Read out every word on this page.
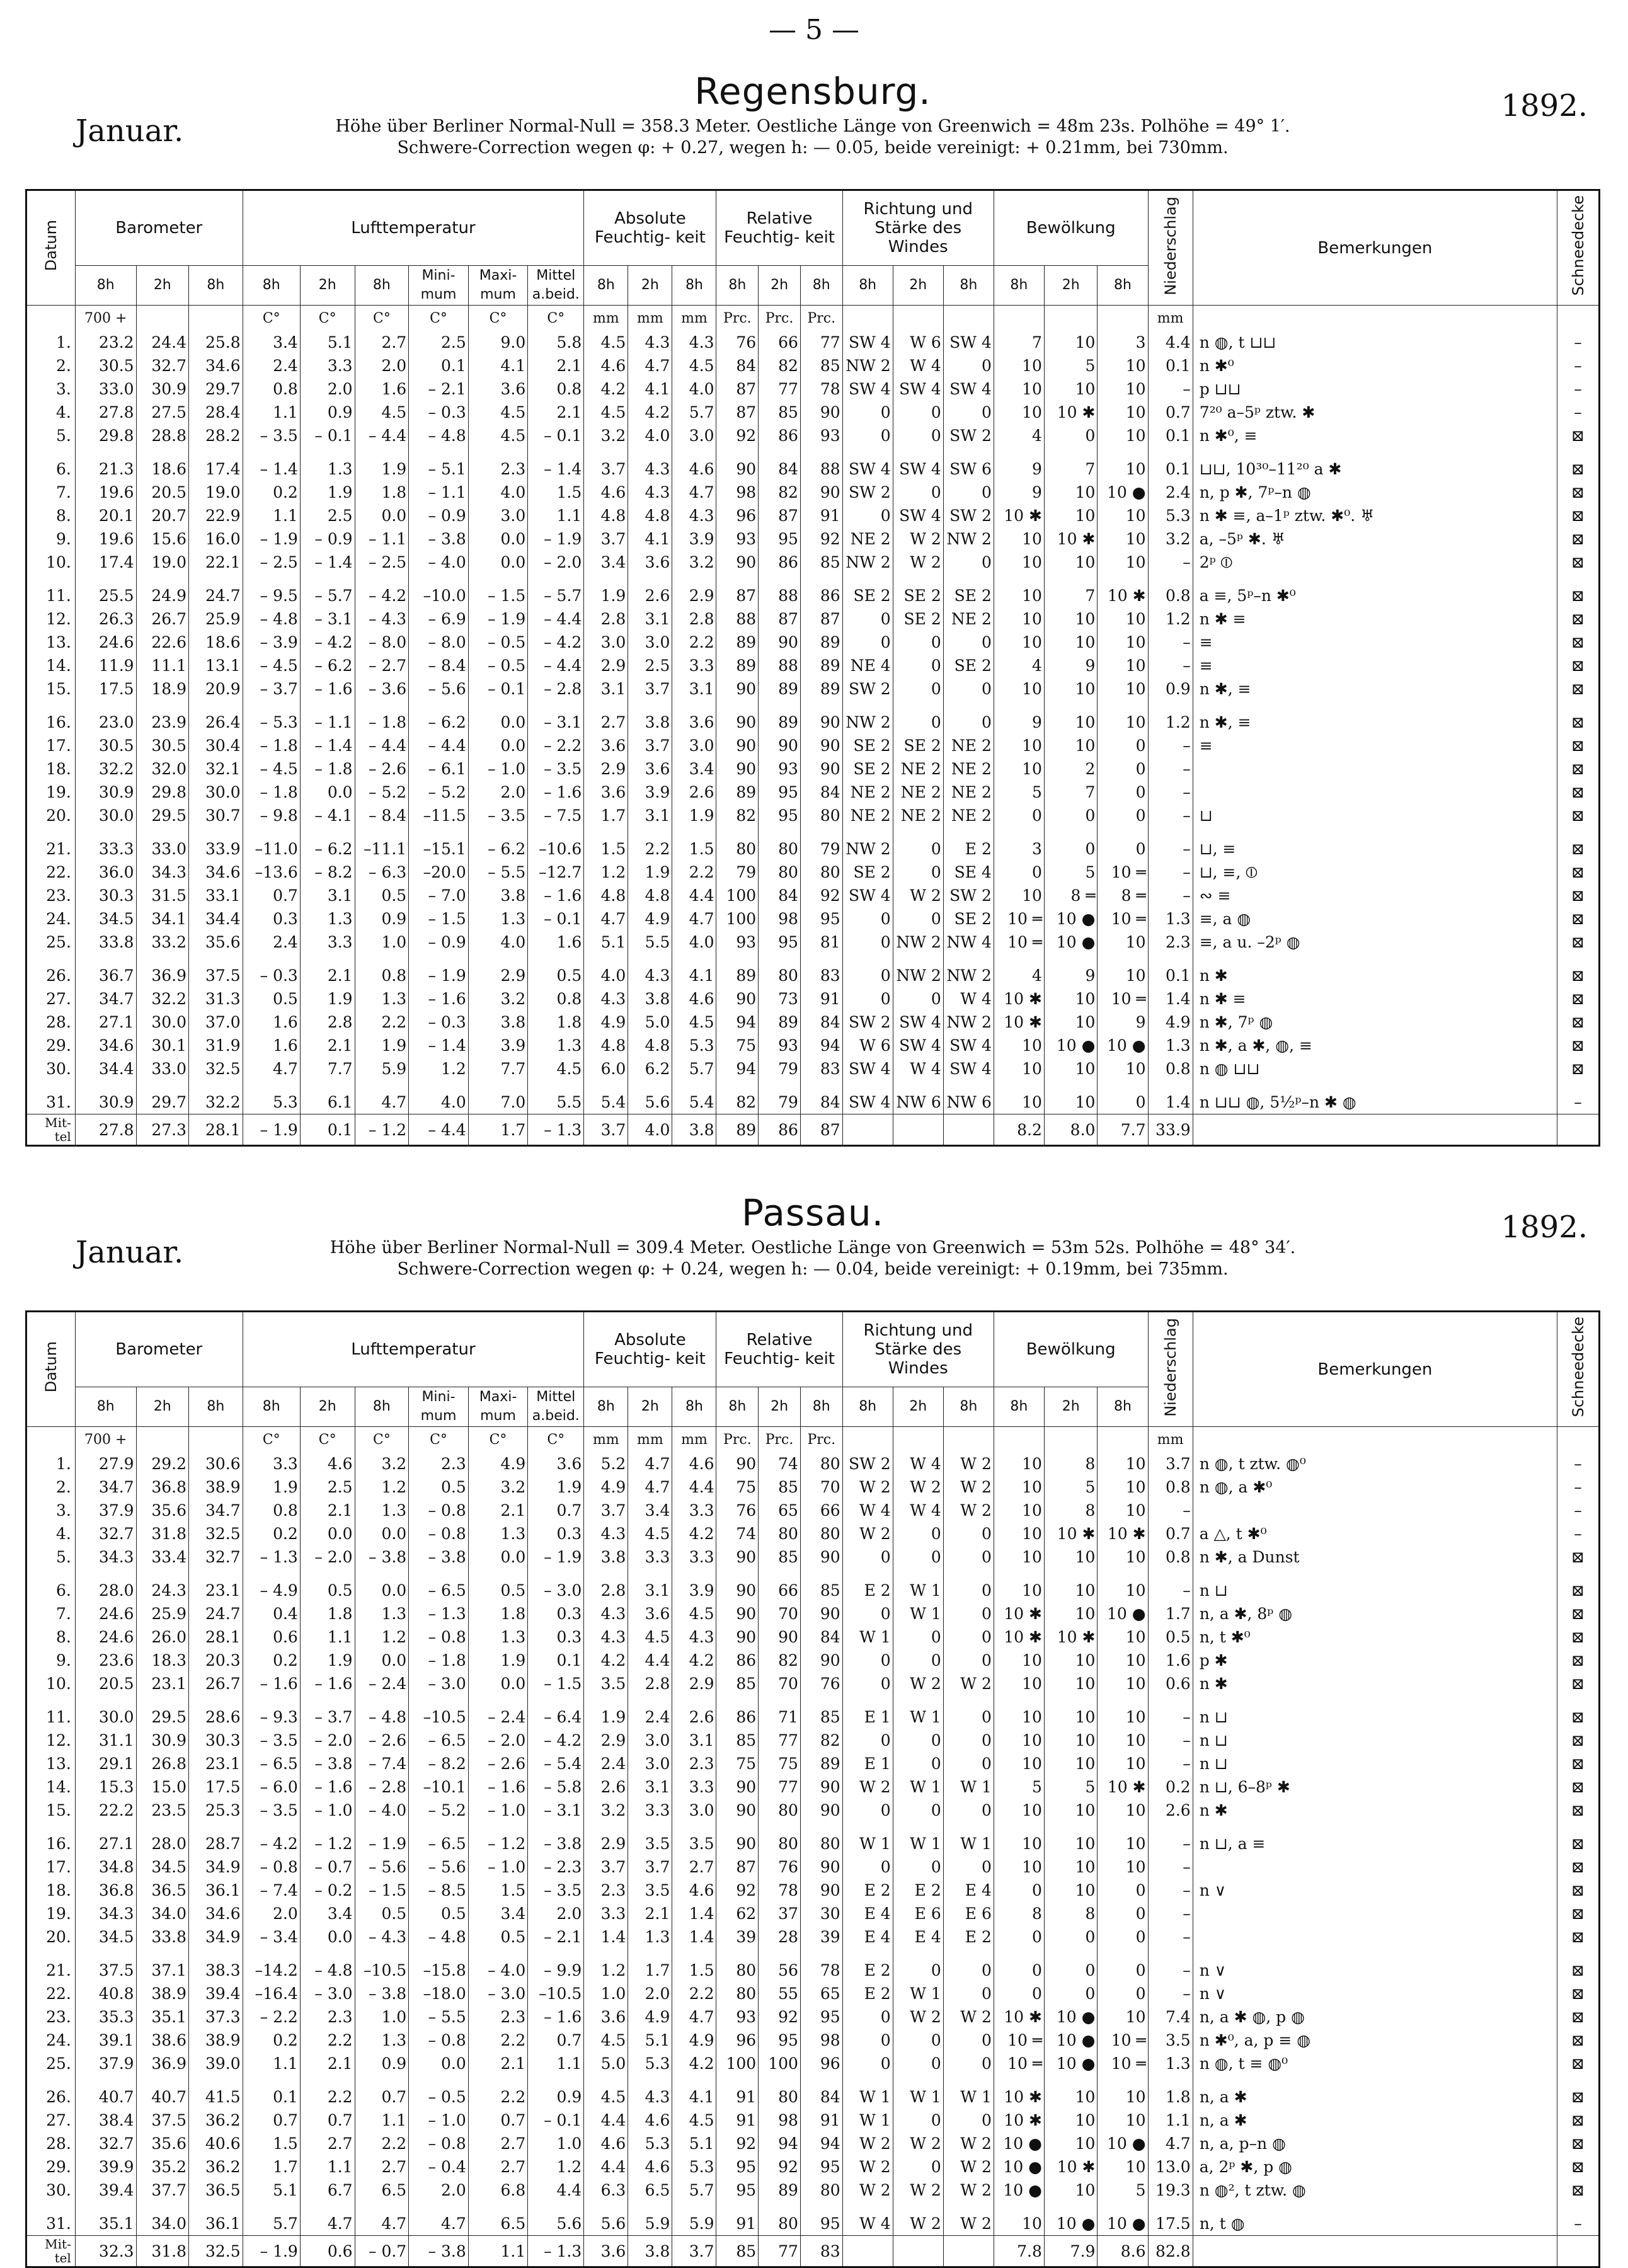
— 5 —
Regensburg.
Januar.
1892.
Höhe über Berliner Normal-Null = 358.3 Meter. Oestliche Länge von Greenwich = 48m 23s. Polhöhe = 49° 1′.
Schwere-Correction wegen φ: + 0.27, wegen h: — 0.05, beide vereinigt: + 0.21mm, bei 730mm.
Datum	Barometer			Lufttemperatur						Absolute Feuchtig- keit			Relative Feuchtig- keit			Richtung und Stärke des Windes			Bewölkung			Niederschlag	Bemerkungen	Schneedecke
	8h	2h	8h	8h	2h	8h	Mini-mum	Maxi-mum	Mittel a.beid.	8h	2h	8h	8h	2h	8h	8h	2h	8h	8h	2h	8h			
	700 +			C°	C°	C°	C°	C°	C°	mm	mm	mm	Prc.	Prc.	Prc.							mm		
1.	23.2	24.4	25.8	3.4	5.1	2.7	2.5	9.0	5.8	4.5	4.3	4.3	76	66	77	SW 4	W 6	SW 4	7	10	3	4.4	n ◍, t ⊔⊔	–
2.	30.5	32.7	34.6	2.4	3.3	2.0	0.1	4.1	2.1	4.6	4.7	4.5	84	82	85	NW 2	W 4	0	10	5	10	0.1	n ✱⁰	–
3.	33.0	30.9	29.7	0.8	2.0	1.6	– 2.1	3.6	0.8	4.2	4.1	4.0	87	77	78	SW 4	SW 4	SW 4	10	10	10	–	p ⊔⊔	–
4.	27.8	27.5	28.4	1.1	0.9	4.5	– 0.3	4.5	2.1	4.5	4.2	5.7	87	85	90	0	0	0	10	10 ✱	10	0.7	7²⁰ a–5ᵖ ztw. ✱	–
5.	29.8	28.8	28.2	– 3.5	– 0.1	– 4.4	– 4.8	4.5	– 0.1	3.2	4.0	3.0	92	86	93	0	0	SW 2	4	0	10	0.1	n ✱⁰, ≡	⊠
6.	21.3	18.6	17.4	– 1.4	1.3	1.9	– 5.1	2.3	– 1.4	3.7	4.3	4.6	90	84	88	SW 4	SW 4	SW 6	9	7	10	0.1	⊔⊔, 10³⁰–11²⁰ a ✱	⊠
7.	19.6	20.5	19.0	0.2	1.9	1.8	– 1.1	4.0	1.5	4.6	4.3	4.7	98	82	90	SW 2	0	0	9	10	10 ●	2.4	n, p ✱, 7ᵖ–n ◍	⊠
8.	20.1	20.7	22.9	1.1	2.5	0.0	– 0.9	3.0	1.1	4.8	4.8	4.3	96	87	91	0	SW 4	SW 2	10 ✱	10	10	5.3	n ✱ ≡, a–1ᵖ ztw. ✱⁰. ♅	⊠
9.	19.6	15.6	16.0	– 1.9	– 0.9	– 1.1	– 3.8	0.0	– 1.9	3.7	4.1	3.9	93	95	92	NE 2	W 2	NW 2	10	10 ✱	10	3.2	a, –5ᵖ ✱. ♅	⊠
10.	17.4	19.0	22.1	– 2.5	– 1.4	– 2.5	– 4.0	0.0	– 2.0	3.4	3.6	3.2	90	86	85	NW 2	W 2	0	10	10	10	–	2ᵖ ⦶	⊠
11.	25.5	24.9	24.7	– 9.5	– 5.7	– 4.2	–10.0	– 1.5	– 5.7	1.9	2.6	2.9	87	88	86	SE 2	SE 2	SE 2	10	7	10 ✱	0.8	a ≡, 5ᵖ–n ✱⁰	⊠
12.	26.3	26.7	25.9	– 4.8	– 3.1	– 4.3	– 6.9	– 1.9	– 4.4	2.8	3.1	2.8	88	87	87	0	SE 2	NE 2	10	10	10	1.2	n ✱ ≡	⊠
13.	24.6	22.6	18.6	– 3.9	– 4.2	– 8.0	– 8.0	– 0.5	– 4.2	3.0	3.0	2.2	89	90	89	0	0	0	10	10	10	–	≡	⊠
14.	11.9	11.1	13.1	– 4.5	– 6.2	– 2.7	– 8.4	– 0.5	– 4.4	2.9	2.5	3.3	89	88	89	NE 4	0	SE 2	4	9	10	–	≡	⊠
15.	17.5	18.9	20.9	– 3.7	– 1.6	– 3.6	– 5.6	– 0.1	– 2.8	3.1	3.7	3.1	90	89	89	SW 2	0	0	10	10	10	0.9	n ✱, ≡	⊠
16.	23.0	23.9	26.4	– 5.3	– 1.1	– 1.8	– 6.2	0.0	– 3.1	2.7	3.8	3.6	90	89	90	NW 2	0	0	9	10	10	1.2	n ✱, ≡	⊠
17.	30.5	30.5	30.4	– 1.8	– 1.4	– 4.4	– 4.4	0.0	– 2.2	3.6	3.7	3.0	90	90	90	SE 2	SE 2	NE 2	10	10	0	–	≡	⊠
18.	32.2	32.0	32.1	– 4.5	– 1.8	– 2.6	– 6.1	– 1.0	– 3.5	2.9	3.6	3.4	90	93	90	SE 2	NE 2	NE 2	10	2	0	–		⊠
19.	30.9	29.8	30.0	– 1.8	0.0	– 5.2	– 5.2	2.0	– 1.6	3.6	3.9	2.6	89	95	84	NE 2	NE 2	NE 2	5	7	0	–		⊠
20.	30.0	29.5	30.7	– 9.8	– 4.1	– 8.4	–11.5	– 3.5	– 7.5	1.7	3.1	1.9	82	95	80	NE 2	NE 2	NE 2	0	0	0	–	⊔	⊠
21.	33.3	33.0	33.9	–11.0	– 6.2	–11.1	–15.1	– 6.2	–10.6	1.5	2.2	1.5	80	80	79	NW 2	0	E 2	3	0	0	–	⊔, ≡	⊠
22.	36.0	34.3	34.6	–13.6	– 8.2	– 6.3	–20.0	– 5.5	–12.7	1.2	1.9	2.2	79	80	80	SE 2	0	SE 4	0	5	10 ═	–	⊔, ≡, ⦶	⊠
23.	30.3	31.5	33.1	0.7	3.1	0.5	– 7.0	3.8	– 1.6	4.8	4.8	4.4	100	84	92	SW 4	W 2	SW 2	10	8 ═	8 ═	–	∾ ≡	⊠
24.	34.5	34.1	34.4	0.3	1.3	0.9	– 1.5	1.3	– 0.1	4.7	4.9	4.7	100	98	95	0	0	SE 2	10 ═	10 ●	10 ═	1.3	≡, a ◍	⊠
25.	33.8	33.2	35.6	2.4	3.3	1.0	– 0.9	4.0	1.6	5.1	5.5	4.0	93	95	81	0	NW 2	NW 4	10 ═	10 ●	10	2.3	≡, a u. –2ᵖ ◍	⊠
26.	36.7	36.9	37.5	– 0.3	2.1	0.8	– 1.9	2.9	0.5	4.0	4.3	4.1	89	80	83	0	NW 2	NW 2	4	9	10	0.1	n ✱	⊠
27.	34.7	32.2	31.3	0.5	1.9	1.3	– 1.6	3.2	0.8	4.3	3.8	4.6	90	73	91	0	0	W 4	10 ✱	10	10 ═	1.4	n ✱ ≡	⊠
28.	27.1	30.0	37.0	1.6	2.8	2.2	– 0.3	3.8	1.8	4.9	5.0	4.5	94	89	84	SW 2	SW 4	NW 2	10 ✱	10	9	4.9	n ✱, 7ᵖ ◍	⊠
29.	34.6	30.1	31.9	1.6	2.1	1.9	– 1.4	3.9	1.3	4.8	4.8	5.3	75	93	94	W 6	SW 4	SW 4	10	10 ●	10 ●	1.3	n ✱, a ✱, ◍, ≡	⊠
30.	34.4	33.0	32.5	4.7	7.7	5.9	1.2	7.7	4.5	6.0	6.2	5.7	94	79	83	SW 4	W 4	SW 4	10	10	10	0.8	n ◍ ⊔⊔	⊠
31.	30.9	29.7	32.2	5.3	6.1	4.7	4.0	7.0	5.5	5.4	5.6	5.4	82	79	84	SW 4	NW 6	NW 6	10	10	0	1.4	n ⊔⊔ ◍, 5½ᵖ–n ✱ ◍	–
Mit-tel	27.8	27.3	28.1	– 1.9	0.1	– 1.2	– 4.4	1.7	– 1.3	3.7	4.0	3.8	89	86	87				8.2	8.0	7.7	33.9		
Passau.
Januar.
1892.
Höhe über Berliner Normal-Null = 309.4 Meter. Oestliche Länge von Greenwich = 53m 52s. Polhöhe = 48° 34′.
Schwere-Correction wegen φ: + 0.24, wegen h: — 0.04, beide vereinigt: + 0.19mm, bei 735mm.
Datum	Barometer			Lufttemperatur						Absolute Feuchtig- keit			Relative Feuchtig- keit			Richtung und Stärke des Windes			Bewölkung			Niederschlag	Bemerkungen	Schneedecke
	8h	2h	8h	8h	2h	8h	Mini-mum	Maxi-mum	Mittel a.beid.	8h	2h	8h	8h	2h	8h	8h	2h	8h	8h	2h	8h			
	700 +			C°	C°	C°	C°	C°	C°	mm	mm	mm	Prc.	Prc.	Prc.							mm		
1.	27.9	29.2	30.6	3.3	4.6	3.2	2.3	4.9	3.6	5.2	4.7	4.6	90	74	80	SW 2	W 4	W 2	10	8	10	3.7	n ◍, t ztw. ◍⁰	–
2.	34.7	36.8	38.9	1.9	2.5	1.2	0.5	3.2	1.9	4.9	4.7	4.4	75	85	70	W 2	W 2	W 2	10	5	10	0.8	n ◍, a ✱⁰	–
3.	37.9	35.6	34.7	0.8	2.1	1.3	– 0.8	2.1	0.7	3.7	3.4	3.3	76	65	66	W 4	W 4	W 2	10	8	10	–		–
4.	32.7	31.8	32.5	0.2	0.0	0.0	– 0.8	1.3	0.3	4.3	4.5	4.2	74	80	80	W 2	0	0	10	10 ✱	10 ✱	0.7	a △, t ✱⁰	–
5.	34.3	33.4	32.7	– 1.3	– 2.0	– 3.8	– 3.8	0.0	– 1.9	3.8	3.3	3.3	90	85	90	0	0	0	10	10	10	0.8	n ✱, a Dunst	⊠
6.	28.0	24.3	23.1	– 4.9	0.5	0.0	– 6.5	0.5	– 3.0	2.8	3.1	3.9	90	66	85	E 2	W 1	0	10	10	10	–	n ⊔	⊠
7.	24.6	25.9	24.7	0.4	1.8	1.3	– 1.3	1.8	0.3	4.3	3.6	4.5	90	70	90	0	W 1	0	10 ✱	10	10 ●	1.7	n, a ✱, 8ᵖ ◍	⊠
8.	24.6	26.0	28.1	0.6	1.1	1.2	– 0.8	1.3	0.3	4.3	4.5	4.3	90	90	84	W 1	0	0	10 ✱	10 ✱	10	0.5	n, t ✱⁰	⊠
9.	23.6	18.3	20.3	0.2	1.9	0.0	– 1.8	1.9	0.1	4.2	4.4	4.2	86	82	90	0	0	0	10	10	10	1.6	p ✱	⊠
10.	20.5	23.1	26.7	– 1.6	– 1.6	– 2.4	– 3.0	0.0	– 1.5	3.5	2.8	2.9	85	70	76	0	W 2	W 2	10	10	10	0.6	n ✱	⊠
11.	30.0	29.5	28.6	– 9.3	– 3.7	– 4.8	–10.5	– 2.4	– 6.4	1.9	2.4	2.6	86	71	85	E 1	W 1	0	10	10	10	–	n ⊔	⊠
12.	31.1	30.9	30.3	– 3.5	– 2.0	– 2.6	– 6.5	– 2.0	– 4.2	2.9	3.0	3.1	85	77	82	0	0	0	10	10	10	–	n ⊔	⊠
13.	29.1	26.8	23.1	– 6.5	– 3.8	– 7.4	– 8.2	– 2.6	– 5.4	2.4	3.0	2.3	75	75	89	E 1	0	0	10	10	10	–	n ⊔	⊠
14.	15.3	15.0	17.5	– 6.0	– 1.6	– 2.8	–10.1	– 1.6	– 5.8	2.6	3.1	3.3	90	77	90	W 2	W 1	W 1	5	5	10 ✱	0.2	n ⊔, 6–8ᵖ ✱	⊠
15.	22.2	23.5	25.3	– 3.5	– 1.0	– 4.0	– 5.2	– 1.0	– 3.1	3.2	3.3	3.0	90	80	90	0	0	0	10	10	10	2.6	n ✱	⊠
16.	27.1	28.0	28.7	– 4.2	– 1.2	– 1.9	– 6.5	– 1.2	– 3.8	2.9	3.5	3.5	90	80	80	W 1	W 1	W 1	10	10	10	–	n ⊔, a ≡	⊠
17.	34.8	34.5	34.9	– 0.8	– 0.7	– 5.6	– 5.6	– 1.0	– 2.3	3.7	3.7	2.7	87	76	90	0	0	0	10	10	10	–		⊠
18.	36.8	36.5	36.1	– 7.4	– 0.2	– 1.5	– 8.5	1.5	– 3.5	2.3	3.5	4.6	92	78	90	E 2	E 2	E 4	0	10	0	–	n ∨	⊠
19.	34.3	34.0	34.6	2.0	3.4	0.5	0.5	3.4	2.0	3.3	2.1	1.4	62	37	30	E 4	E 6	E 6	8	8	0	–		⊠
20.	34.5	33.8	34.9	– 3.4	0.0	– 4.3	– 4.8	0.5	– 2.1	1.4	1.3	1.4	39	28	39	E 4	E 4	E 2	0	0	0	–		⊠
21.	37.5	37.1	38.3	–14.2	– 4.8	–10.5	–15.8	– 4.0	– 9.9	1.2	1.7	1.5	80	56	78	E 2	0	0	0	0	0	–	n ∨	⊠
22.	40.8	38.9	39.4	–16.4	– 3.0	– 3.8	–18.0	– 3.0	–10.5	1.0	2.0	2.2	80	55	65	E 2	W 1	0	0	0	0	–	n ∨	⊠
23.	35.3	35.1	37.3	– 2.2	2.3	1.0	– 5.5	2.3	– 1.6	3.6	4.9	4.7	93	92	95	0	W 2	W 2	10 ✱	10 ●	10	7.4	n, a ✱ ◍, p ◍	⊠
24.	39.1	38.6	38.9	0.2	2.2	1.3	– 0.8	2.2	0.7	4.5	5.1	4.9	96	95	98	0	0	0	10 ═	10 ●	10 ═	3.5	n ✱⁰, a, p ≡ ◍	⊠
25.	37.9	36.9	39.0	1.1	2.1	0.9	0.0	2.1	1.1	5.0	5.3	4.2	100	100	96	0	0	0	10 ═	10 ●	10 ═	1.3	n ◍, t ≡ ◍⁰	⊠
26.	40.7	40.7	41.5	0.1	2.2	0.7	– 0.5	2.2	0.9	4.5	4.3	4.1	91	80	84	W 1	W 1	W 1	10 ✱	10	10	1.8	n, a ✱	⊠
27.	38.4	37.5	36.2	0.7	0.7	1.1	– 1.0	0.7	– 0.1	4.4	4.6	4.5	91	98	91	W 1	0	0	10 ✱	10	10	1.1	n, a ✱	⊠
28.	32.7	35.6	40.6	1.5	2.7	2.2	– 0.8	2.7	1.0	4.6	5.3	5.1	92	94	94	W 2	W 2	W 2	10 ●	10	10 ●	4.7	n, a, p–n ◍	⊠
29.	39.9	35.2	36.2	1.7	1.1	2.7	– 0.4	2.7	1.2	4.4	4.6	5.3	95	92	95	W 2	0	W 2	10 ●	10 ✱	10	13.0	a, 2ᵖ ✱, p ◍	⊠
30.	39.4	37.7	36.5	5.1	6.7	6.5	2.0	6.8	4.4	6.3	6.5	5.7	95	89	80	W 2	W 2	W 2	10 ●	10	5	19.3	n ◍², t ztw. ◍	⊠
31.	35.1	34.0	36.1	5.7	4.7	4.7	4.7	6.5	5.6	5.6	5.9	5.9	91	80	95	W 4	W 2	W 2	10	10 ●	10 ●	17.5	n, t ◍	–
Mit-tel	32.3	31.8	32.5	– 1.9	0.6	– 0.7	– 3.8	1.1	– 1.3	3.6	3.8	3.7	85	77	83				7.8	7.9	8.6	82.8		
